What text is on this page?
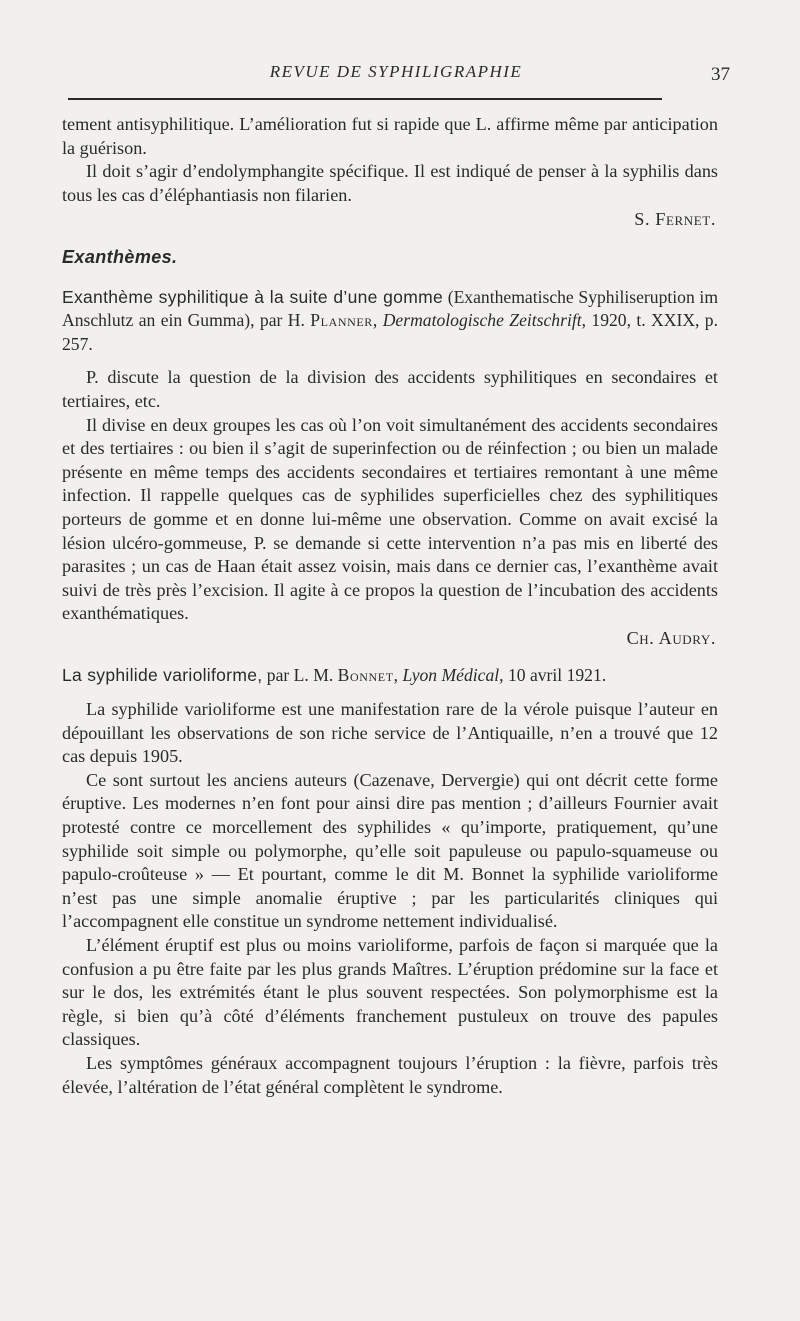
REVUE DE SYPHILIGRAPHIE	37

tement antisyphilitique. L’amélioration fut si rapide que L. affirme même par anticipation la guérison.

Il doit s’agir d’endolymphangite spécifique. Il est indiqué de penser à la syphilis dans tous les cas d’éléphantiasis non filarien.

S. Fernet.

Exanthèmes.

Exanthème syphilitique à la suite d’une gomme (Exanthematische Syphiliseruption im Anschlutz an ein Gumma), par H. Planner, Dermatologische Zeitschrift, 1920, t. XXIX, p. 257.

P. discute la question de la division des accidents syphilitiques en secondaires et tertiaires, etc.

Il divise en deux groupes les cas où l’on voit simultanément des accidents secondaires et des tertiaires : ou bien il s’agit de superinfection ou de réinfection ; ou bien un malade présente en même temps des accidents secondaires et tertiaires remontant à une même infection. Il rappelle quelques cas de syphilides superficielles chez des syphilitiques porteurs de gomme et en donne lui-même une observation. Comme on avait excisé la lésion ulcéro-gommeuse, P. se demande si cette intervention n’a pas mis en liberté des parasites ; un cas de Haan était assez voisin, mais dans ce dernier cas, l’exanthème avait suivi de très près l’excision. Il agite à ce propos la question de l’incubation des accidents exanthématiques.

Ch. Audry.

La syphilide varioliforme, par L. M. Bonnet, Lyon Médical, 10 avril 1921.

La syphilide varioliforme est une manifestation rare de la vérole puisque l’auteur en dépouillant les observations de son riche service de l’Antiquaille, n’en a trouvé que 12 cas depuis 1905.

Ce sont surtout les anciens auteurs (Cazenave, Dervergie) qui ont décrit cette forme éruptive. Les modernes n’en font pour ainsi dire pas mention ; d’ailleurs Fournier avait protesté contre ce morcellement des syphilides « qu’importe, pratiquement, qu’une syphilide soit simple ou polymorphe, qu’elle soit papuleuse ou papulo-squameuse ou papulo-croûteuse » — Et pourtant, comme le dit M. Bonnet la syphilide varioliforme n’est pas une simple anomalie éruptive ; par les particularités cliniques qui l’accompagnent elle constitue un syndrome nettement individualisé.

L’élément éruptif est plus ou moins varioliforme, parfois de façon si marquée que la confusion a pu être faite par les plus grands Maîtres. L’éruption prédomine sur la face et sur le dos, les extrémités étant le plus souvent respectées. Son polymorphisme est la règle, si bien qu’à côté d’éléments franchement pustuleux on trouve des papules classiques.

Les symptômes généraux accompagnent toujours l’éruption : la fièvre, parfois très élevée, l’altération de l’état général complètent le syndrome.
